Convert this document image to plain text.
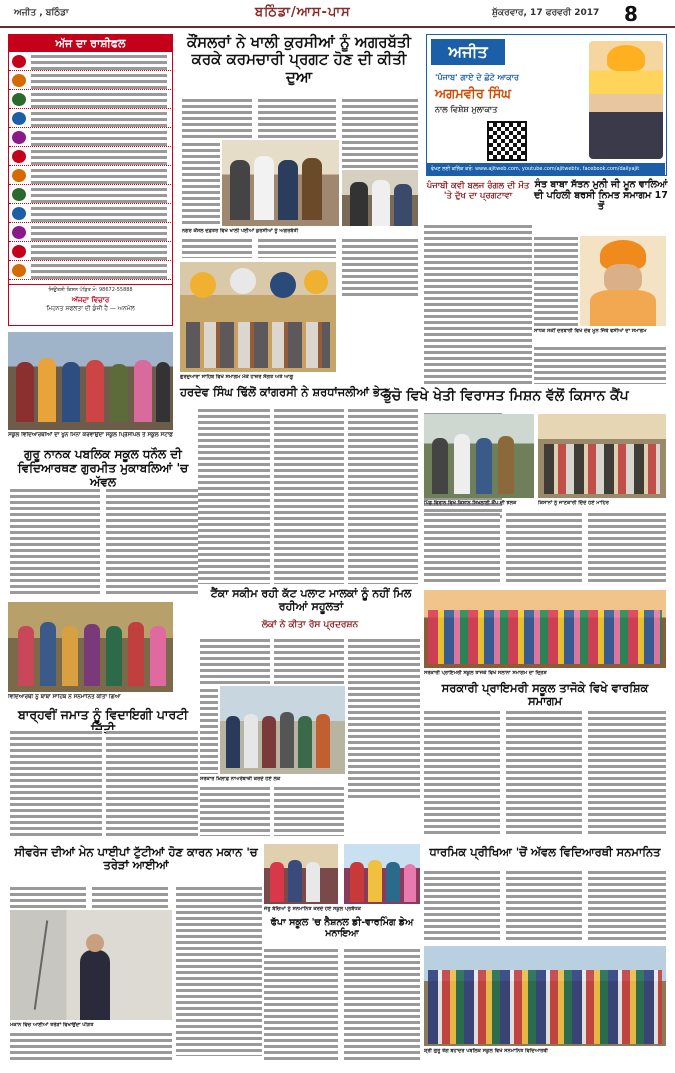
ਅਜੀਤ , ਬਠਿੰਡਾ	ਬਠਿੰਡਾ/ਆਸ-ਪਾਸ	ਸ਼ੁੱਕਰਵਾਰ, 17 ਫਰਵਰੀ 2017 8
ਅੱਜ ਦਾ ਰਾਸ਼ੀਫਲ
ਜਿਉਂਤਸ਼ੀ ਕਿਸ਼ਨ ਪੰਡਿਤ ਮੋ: 98672-55888
ਅੱਜਦਾ ਵਿਚਾਰ
ਮਿਹਨਤ ਸਫਲਤਾ ਦੀ ਕੁੰਜੀ ਹੈ — ਅਨਮੋਲ
ਸਕੂਲ ਵਿਦਿਆਰਥੀਆਂ ਦਾ ਖੂਨ ਮਿੰਨਾ ਕਰਵਾਉਂਦਾ ਸਕੂਲ ਪ੍ਰਿੰਸੀਪਲ ਤੇ ਸਕੂਲ ਸਟਾਫ਼
ਗੁਰੂ ਨਾਨਕ ਪਬਲਿਕ ਸਕੂਲ ਧਨੌਲ ਦੀ ਵਿਦਿਆਰਥਣ ਗੁਰਮੀਤ ਮੁਕਾਬਲਿਆਂ 'ਚ ਅੱਵਲ
ਵਿਦਿਆਰਥੀ ਨੂੰ ਬਾਬਾ ਸਾਹਿਬ ਨੇ ਸਨਮਾਨਿਤ ਕੀਤਾ ਗਿਆ
ਬਾਰ੍ਹਵੀਂ ਜਮਾਤ ਨੂੰ ਵਿਦਾਇਗੀ ਪਾਰਟੀ ਦਿੱਤੀ
ਕੌਂਸਲਰਾਂ ਨੇ ਖਾਲੀ ਕੁਰਸੀਆਂ ਨੂੰ ਅਗਰਬੱਤੀ ਕਰਕੇ ਕਰਮਚਾਰੀ ਪ੍ਰਗਟ ਹੋਣ ਦੀ ਕੀਤੀ ਦੁਆ
ਨਗਰ ਕੌਂਸਲ ਦਫ਼ਤਰ ਵਿਖੇ ਖਾਲੀ ਪਈਆਂ ਕੁਰਸੀਆਂ ਨੂੰ ਅਗਰਬੱਤੀ
ਗੁਰਦੁਆਰਾ ਸਾਹਿਬ ਵਿਖੇ ਸਮਾਗਮ ਮੌਕੇ ਹਾਜ਼ਰ ਸੰਗਤ ਅਤੇ ਆਗੂ
ਹਰਦੇਵ ਸਿੰਘ ਢਿੱਲੋਂ ਕਾਂਗਰਸੀ ਨੇ ਸ਼ਰਧਾਂਜਲੀਆਂ ਭੇਟ
ਅਜੀਤ
'ਪੰਜਾਬ' ਗਾਏ ਦੇ ਛੋਟੇ ਆਕਾਰ
ਅਗਮਵੀਰ ਸਿੰਘ
ਨਾਲ ਵਿਸ਼ੇਸ਼ ਮੁਲਾਕਾਤ
ਵੇਖਣ ਲਈ ਕਲਿੱਕ ਕਰੋ: www.ajitweb.com, youtube.com/ajitwebtv, facebook.com/dailyajit
ਪੰਜਾਬੀ ਕਵੀ ਬਲਜ ਰੰਗਲ ਦੀ ਮੌਤ 'ਤੇ ਦੁੱਖ ਦਾ ਪ੍ਰਗਟਾਵਾ
ਸੰਤ ਬਾਬਾ ਸੱਤਨ ਮੁਨੀ ਜੀ ਮੂਨ ਵਾਲਿਆਂ ਦੀ ਪਹਿਲੀ ਬਰਸੀ ਨਿਮਤ ਸਮਾਗਮ 17 ਤੋਂ
ਸਾਧਕ ਸਕੀਂ ਦਰਬਾਰੀ ਵਿਖੇ ਦੇਵ ਮੂਨ ਜਿੱਥੇ ਵਸੀਆਂ ਦਾ ਸਮਾਗਮ
ਭੁੱਚੋ ਵਿਖੇ ਖੇਤੀ ਵਿਰਾਸਤ ਮਿਸ਼ਨ ਵੱਲੋਂ ਕਿਸਾਨ ਕੈਂਪ
ਪਿੰਡ ਵਿਰਾਨ ਵਿਖੇ ਕਿਸਾਨ ਸਿਖਲਾਈ ਕੈਂਪ ਦੀ ਝਲਕ	ਕਿਸਾਨਾਂ ਨੂੰ ਜਾਣਕਾਰੀ ਦਿੰਦੇ ਹੋਏ ਮਾਹਿਰ
ਟੈਂਕਾ ਸਕੀਮ ਰਹੀ ਕੱਟ ਪਲਾਟ ਮਾਲਕਾਂ ਨੂੰ ਨਹੀਂ ਮਿਲ ਰਹੀਆਂ ਸਹੂਲਤਾਂ
ਲੋਕਾਂ ਨੇ ਕੀਤਾ ਰੋਸ ਪ੍ਰਦਰਸ਼ਨ
ਸਰਕਾਰ ਖ਼ਿਲਾਫ਼ ਨਾਅਰੇਬਾਜ਼ੀ ਕਰਦੇ ਹੋਏ ਲੋਕ
ਸਰਕਾਰੀ ਪ੍ਰਾਇਮਰੀ ਸਕੂਲ ਤਾਜੋਕੇ ਵਿਖੇ ਸਲਾਨਾ ਸਮਾਗਮ ਦਾ ਦ੍ਰਿਸ਼
ਸਰਕਾਰੀ ਪ੍ਰਾਇਮਰੀ ਸਕੂਲ ਤਾਜੋਕੇ ਵਿਖੇ ਵਾਰਸ਼ਿਕ ਸਮਾਗਮ
ਸੀਵਰੇਜ ਦੀਆਂ ਮੇਨ ਪਾਈਪਾਂ ਟੁੱਟੀਆਂ ਹੋਣ ਕਾਰਨ ਮਕਾਨ 'ਚ ਤਰੇੜਾਂ ਆਈਆਂ
ਮਕਾਨ ਵਿਚ ਆਈਆਂ ਤਰੇੜਾਂ ਵਿਖਾਉਂਦਾ ਪੀੜਤ
ਜੇਤੂ ਬੱਚਿਆਂ ਨੂੰ ਸਨਮਾਨਿਤ ਕਰਦੇ ਹੋਏ ਸਕੂਲ ਪ੍ਰਬੰਧਕ
ਫੱਪਾ ਸਕੂਲ 'ਚ ਨੈਸ਼ਨਲ ਡੀ-ਵਾਰਮਿੰਗ ਡੇਅ ਮਨਾਇਆ
ਧਾਰਮਿਕ ਪ੍ਰੀਖਿਆ 'ਚੋਂ ਅੱਵਲ ਵਿਦਿਆਰਥੀ ਸਨਮਾਨਿਤ
ਸ਼੍ਰੀ ਗੁਰੂ ਤੇਗ ਬਹਾਦਰ ਪਬਲਿਕ ਸਕੂਲ ਵਿਖੇ ਸਨਮਾਨਿਤ ਵਿਦਿਆਰਥੀ
